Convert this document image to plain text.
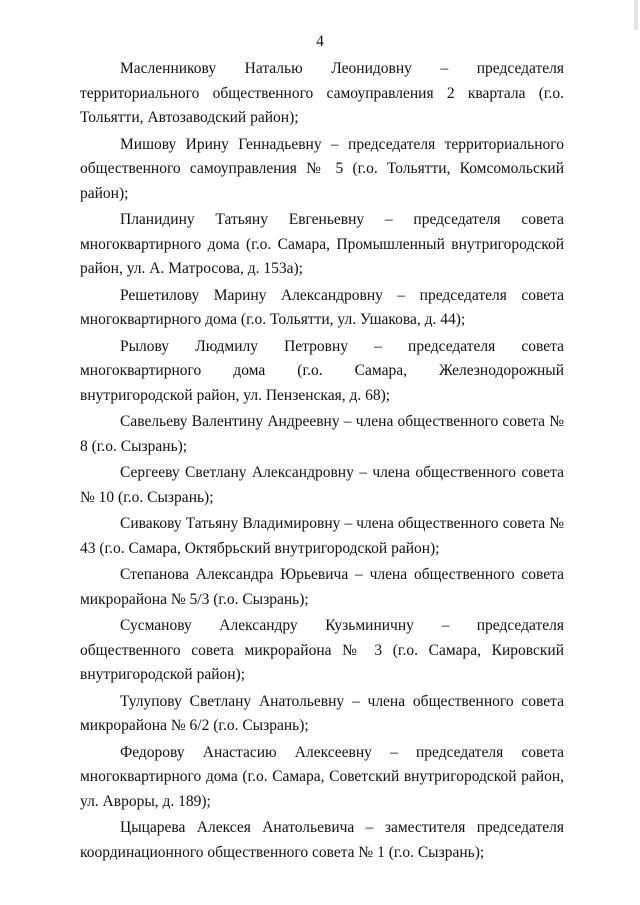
4

Масленникову Наталью Леонидовну – председателя территориального общественного самоуправления 2 квартала (г.о. Тольятти, Автозаводский район);

Мишову Ирину Геннадьевну – председателя территориального общественного самоуправления № 5 (г.о. Тольятти, Комсомольский район);

Планидину Татьяну Евгеньевну – председателя совета многоквартирного дома (г.о. Самара, Промышленный внутригородской район, ул. А. Матросова, д. 153а);

Решетилову Марину Александровну – председателя совета многоквартирного дома (г.о. Тольятти, ул. Ушакова, д. 44);

Рылову Людмилу Петровну – председателя совета многоквартирного дома (г.о. Самара, Железнодорожный внутригородской район, ул. Пензенская, д. 68);

Савельеву Валентину Андреевну – члена общественного совета № 8 (г.о. Сызрань);

Сергееву Светлану Александровну – члена общественного совета № 10 (г.о. Сызрань);

Сивакову Татьяну Владимировну – члена общественного совета № 43 (г.о. Самара, Октябрьский внутригородской район);

Степанова Александра Юрьевича – члена общественного совета микрорайона № 5/3 (г.о. Сызрань);

Сусманову Александру Кузьминичну – председателя общественного совета микрорайона № 3 (г.о. Самара, Кировский внутригородской район);

Тулупову Светлану Анатольевну – члена общественного совета микрорайона № 6/2 (г.о. Сызрань);

Федорову Анастасию Алексеевну – председателя совета многоквартирного дома (г.о. Самара, Советский внутригородской район, ул. Авроры, д. 189);

Цыцарева Алексея Анатольевича – заместителя председателя координационного общественного совета № 1 (г.о. Сызрань);
